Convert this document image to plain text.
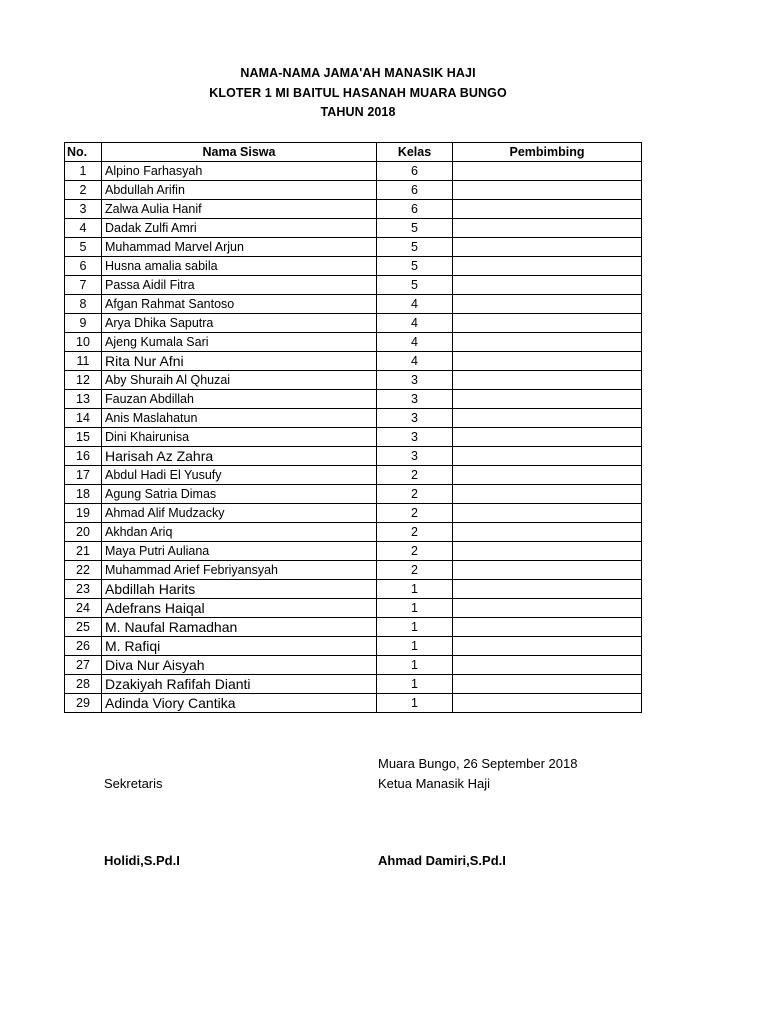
NAMA-NAMA JAMA'AH MANASIK HAJI
KLOTER 1 MI BAITUL HASANAH MUARA BUNGO
TAHUN 2018
No.	Nama Siswa	Kelas	Pembimbing
1	Alpino Farhasyah	6	
2	Abdullah Arifin	6	
3	Zalwa Aulia Hanif	6	
4	Dadak Zulfi Amri	5	
5	Muhammad Marvel Arjun	5	
6	Husna amalia sabila	5	
7	Passa Aidil Fitra	5	
8	Afgan Rahmat Santoso	4	
9	Arya Dhika Saputra	4	
10	Ajeng Kumala Sari	4	
11	Rita Nur Afni	4	
12	Aby Shuraih Al Qhuzai	3	
13	Fauzan Abdillah	3	
14	Anis Maslahatun	3	
15	Dini Khairunisa	3	
16	Harisah Az Zahra	3	
17	Abdul Hadi El Yusufy	2	
18	Agung Satria Dimas	2	
19	Ahmad Alif Mudzacky	2	
20	Akhdan Ariq	2	
21	Maya Putri Auliana	2	
22	Muhammad Arief Febriyansyah	2	
23	Abdillah Harits	1	
24	Adefrans Haiqal	1	
25	M. Naufal Ramadhan	1	
26	M. Rafiqi	1	
27	Diva Nur Aisyah	1	
28	Dzakiyah Rafifah Dianti	1	
29	Adinda Viory Cantika	1	
Muara Bungo, 26 September 2018
Sekretaris	Ketua Manasik Haji
Holidi,S.Pd.I	Ahmad Damiri,S.Pd.I
